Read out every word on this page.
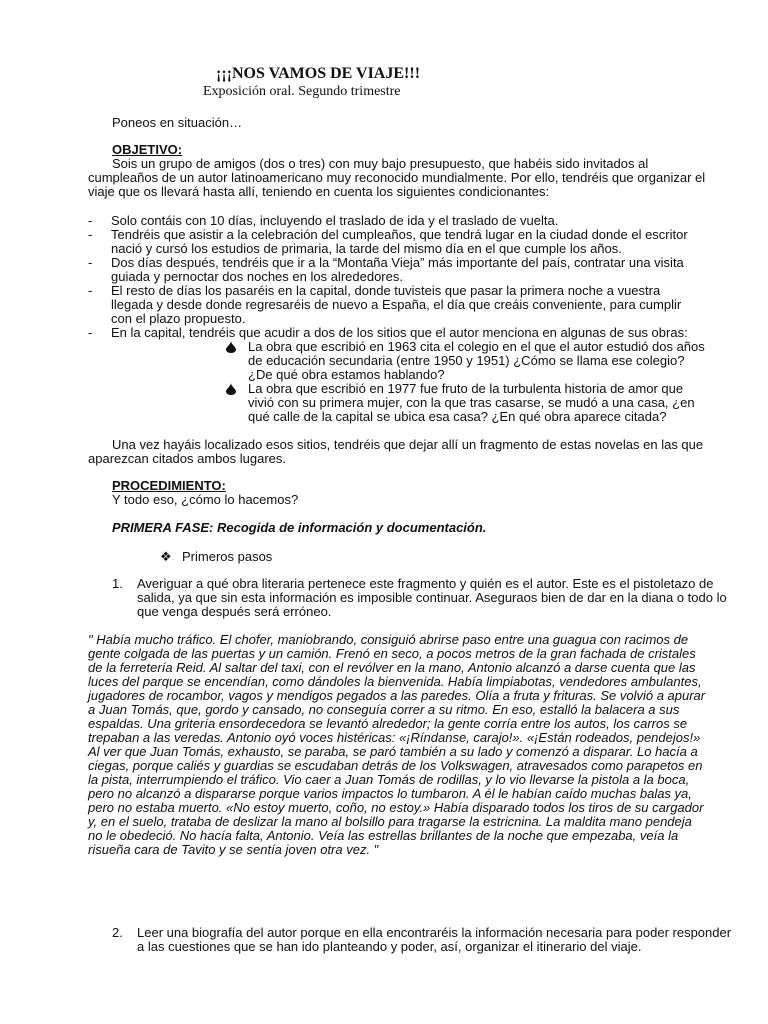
¡¡¡NOS VAMOS DE VIAJE!!!
Exposición oral. Segundo trimestre
Poneos en situación…
OBJETIVO:
Sois un grupo de amigos (dos o tres) con muy bajo presupuesto, que habéis sido invitados al cumpleaños de un autor latinoamericano muy reconocido mundialmente. Por ello, tendréis que organizar el viaje que os llevará hasta allí, teniendo en cuenta los siguientes condicionantes:
- Solo contáis con 10 días, incluyendo el traslado de ida y el traslado de vuelta.
- Tendréis que asistir a la celebración del cumpleaños, que tendrá lugar en la ciudad donde el escritor nació y cursó los estudios de primaria, la tarde del mismo día en el que cumple los años.
- Dos días después, tendréis que ir a la “Montaña Vieja” más importante del país, contratar una visita guiada y pernoctar dos noches en los alrededores.
- El resto de días los pasaréis en la capital, donde tuvisteis que pasar la primera noche a vuestra llegada y desde donde regresaréis de nuevo a España, el día que creáis conveniente, para cumplir con el plazo propuesto.
- En la capital, tendréis que acudir a dos de los sitios que el autor menciona en algunas de sus obras:
La obra que escribió en 1963 cita el colegio en el que el autor estudió dos años de educación secundaria (entre 1950 y 1951) ¿Cómo se llama ese colegio? ¿De qué obra estamos hablando?
La obra que escribió en 1977 fue fruto de la turbulenta historia de amor que vivió con su primera mujer, con la que tras casarse, se mudó a una casa, ¿en qué calle de la capital se ubica esa casa? ¿En qué obra aparece citada?
Una vez hayáis localizado esos sitios, tendréis que dejar allí un fragmento de estas novelas en las que aparezcan citados ambos lugares.
PROCEDIMIENTO:
Y todo eso, ¿cómo lo hacemos?
PRIMERA FASE: Recogida de información y documentación.
❖ Primeros pasos
1. Averiguar a qué obra literaria pertenece este fragmento y quién es el autor. Este es el pistoletazo de salida, ya que sin esta información es imposible continuar. Aseguraos bien de dar en la diana o todo lo que venga después será erróneo.
" Había mucho tráfico. El chofer, maniobrando, consiguió abrirse paso entre una guagua con racimos de gente colgada de las puertas y un camión. Frenó en seco, a pocos metros de la gran fachada de cristales de la ferretería Reid. Al saltar del taxi, con el revólver en la mano, Antonio alcanzó a darse cuenta que las luces del parque se encendían, como dándoles la bienvenida. Había limpiabotas, vendedores ambulantes, jugadores de rocambor, vagos y mendigos pegados a las paredes. Olía a fruta y frituras. Se volvió a apurar a Juan Tomás, que, gordo y cansado, no conseguía correr a su ritmo. En eso, estalló la balacera a sus espaldas. Una gritería ensordecedora se levantó alrededor; la gente corría entre los autos, los carros se trepaban a las veredas. Antonio oyó voces histéricas: «¡Ríndanse, carajo!». «¡Están rodeados, pendejos!» Al ver que Juan Tomás, exhausto, se paraba, se paró también a su lado y comenzó a disparar. Lo hacía a ciegas, porque caliés y guardias se escudaban detrás de los Volkswagen, atravesados como parapetos en la pista, interrumpiendo el tráfico. Vio caer a Juan Tomás de rodillas, y lo vio llevarse la pistola a la boca, pero no alcanzó a dispararse porque varios impactos lo tumbaron. A él le habían caído muchas balas ya, pero no estaba muerto. «No estoy muerto, coño, no estoy.» Había disparado todos los tiros de su cargador y, en el suelo, trataba de deslizar la mano al bolsillo para tragarse la estricnina. La maldita mano pendeja no le obedeció. No hacía falta, Antonio. Veía las estrellas brillantes de la noche que empezaba, veía la risueña cara de Tavito y se sentía joven otra vez. "
2. Leer una biografía del autor porque en ella encontraréis la información necesaria para poder responder a las cuestiones que se han ido planteando y poder, así, organizar el itinerario del viaje.
